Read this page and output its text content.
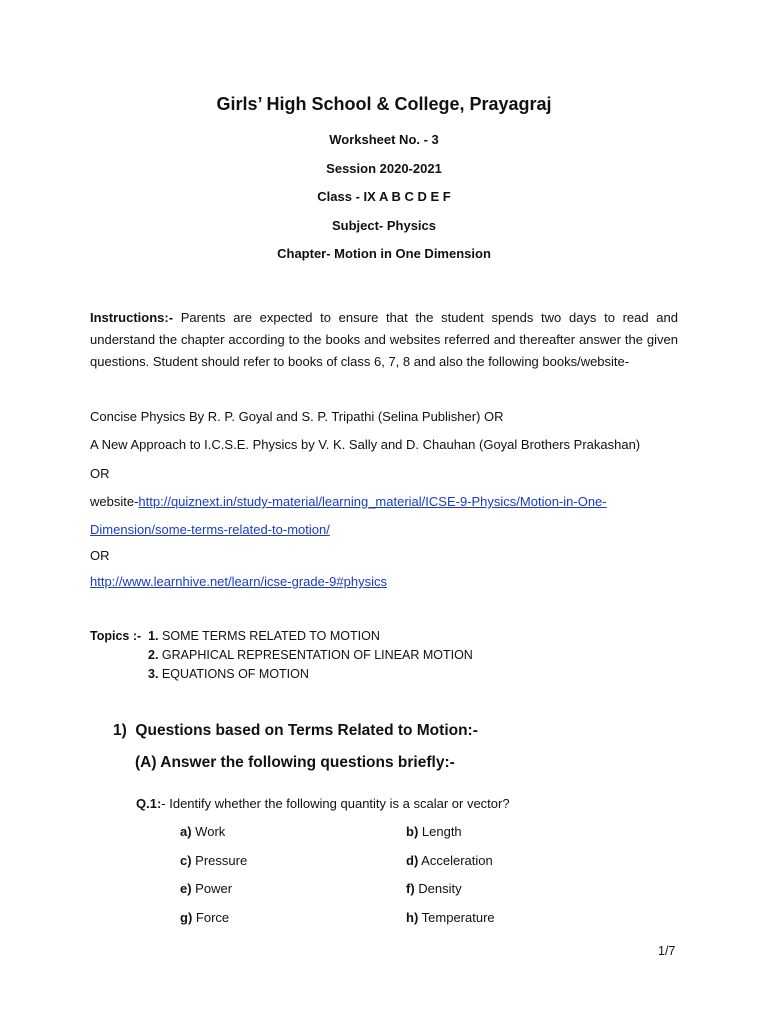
Girls’ High School & College, Prayagraj
Worksheet No. - 3
Session 2020-2021
Class - IX A B C D E F
Subject- Physics
Chapter- Motion in One Dimension
Instructions:- Parents are expected to ensure that the student spends two days to read and understand the chapter according to the books and websites referred and thereafter answer the given questions. Student should refer to books of class 6, 7, 8 and also the following books/website-
Concise Physics By R. P. Goyal and S. P. Tripathi (Selina Publisher) OR
A New Approach to I.C.S.E. Physics by V. K. Sally and D. Chauhan (Goyal Brothers Prakashan)
OR
website-http://quiznext.in/study-material/learning_material/ICSE-9-Physics/Motion-in-One-
Dimension/some-terms-related-to-motion/
OR
http://www.learnhive.net/learn/icse-grade-9#physics
Topics :- 1. SOME TERMS RELATED TO MOTION
2. GRAPHICAL REPRESENTATION OF LINEAR MOTION
3. EQUATIONS OF MOTION
1) Questions based on Terms Related to Motion:-
(A) Answer the following questions briefly:-
Q.1:- Identify whether the following quantity is a scalar or vector?
a) Work	b) Length
c) Pressure	d) Acceleration
e) Power	f) Density
g) Force	h) Temperature
1/7
